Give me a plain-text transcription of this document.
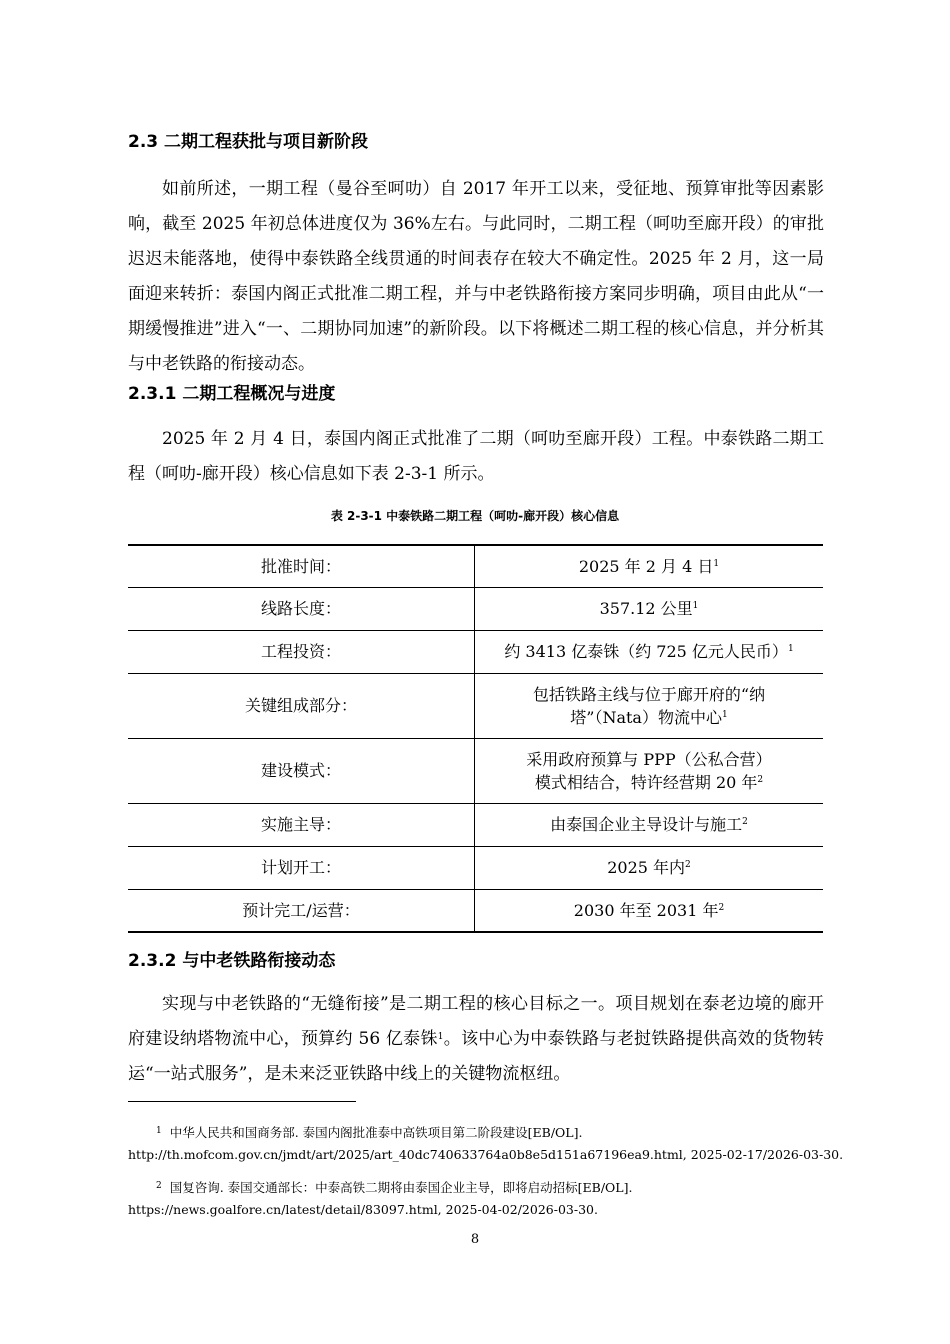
2.3 二期工程获批与项目新阶段

如前所述，一期工程（曼谷至呵叻）自 2017 年开工以来，受征地、预算审批等因素影响，截至 2025 年初总体进度仅为 36%左右。与此同时，二期工程（呵叻至廊开段）的审批迟迟未能落地，使得中泰铁路全线贯通的时间表存在较大不确定性。2025 年 2 月，这一局面迎来转折：泰国内阁正式批准二期工程，并与中老铁路衔接方案同步明确，项目由此从“一期缓慢推进”进入“一、二期协同加速”的新阶段。以下将概述二期工程的核心信息，并分析其与中老铁路的衔接动态。

2.3.1 二期工程概况与进度

2025 年 2 月 4 日，泰国内阁正式批准了二期（呵叻至廊开段）工程。中泰铁路二期工程（呵叻-廊开段）核心信息如下表 2-3-1 所示。

表 2-3-1 中泰铁路二期工程（呵叻-廊开段）核心信息
批准时间：	2025 年 2 月 4 日$^1$
线路长度：	357.12 公里$^1$
工程投资：	约 3413 亿泰铢（约 725 亿元人民币）$^1$
关键组成部分：	包括铁路主线与位于廊开府的“纳塔”（Nata）物流中心$^1$
建设模式：	采用政府预算与 PPP（公私合营）模式相结合，特许经营期 20 年$^2$
实施主导：	由泰国企业主导设计与施工$^2$
计划开工：	2025 年内$^2$
预计完工/运营：	2030 年至 2031 年$^2$
2.3.2 与中老铁路衔接动态

实现与中老铁路的“无缝衔接”是二期工程的核心目标之一。项目规划在泰老边境的廊开府建设纳塔物流中心，预算约 56 亿泰铢$^1$。该中心为中泰铁路与老挝铁路提供高效的货物转运“一站式服务”，是未来泛亚铁路中线上的关键物流枢纽。

$^1$ 中华人民共和国商务部. 泰国内阁批准泰中高铁项目第二阶段建设[EB/OL].
http://th.mofcom.gov.cn/jmdt/art/2025/art_40dc740633764a0b8e5d151a67196ea9.html, 2025-02-17/2026-03-30.
$^2$ 国复咨询. 泰国交通部长：中泰高铁二期将由泰国企业主导，即将启动招标[EB/OL].
https://news.goalfore.cn/latest/detail/83097.html, 2025-04-02/2026-03-30.
8
